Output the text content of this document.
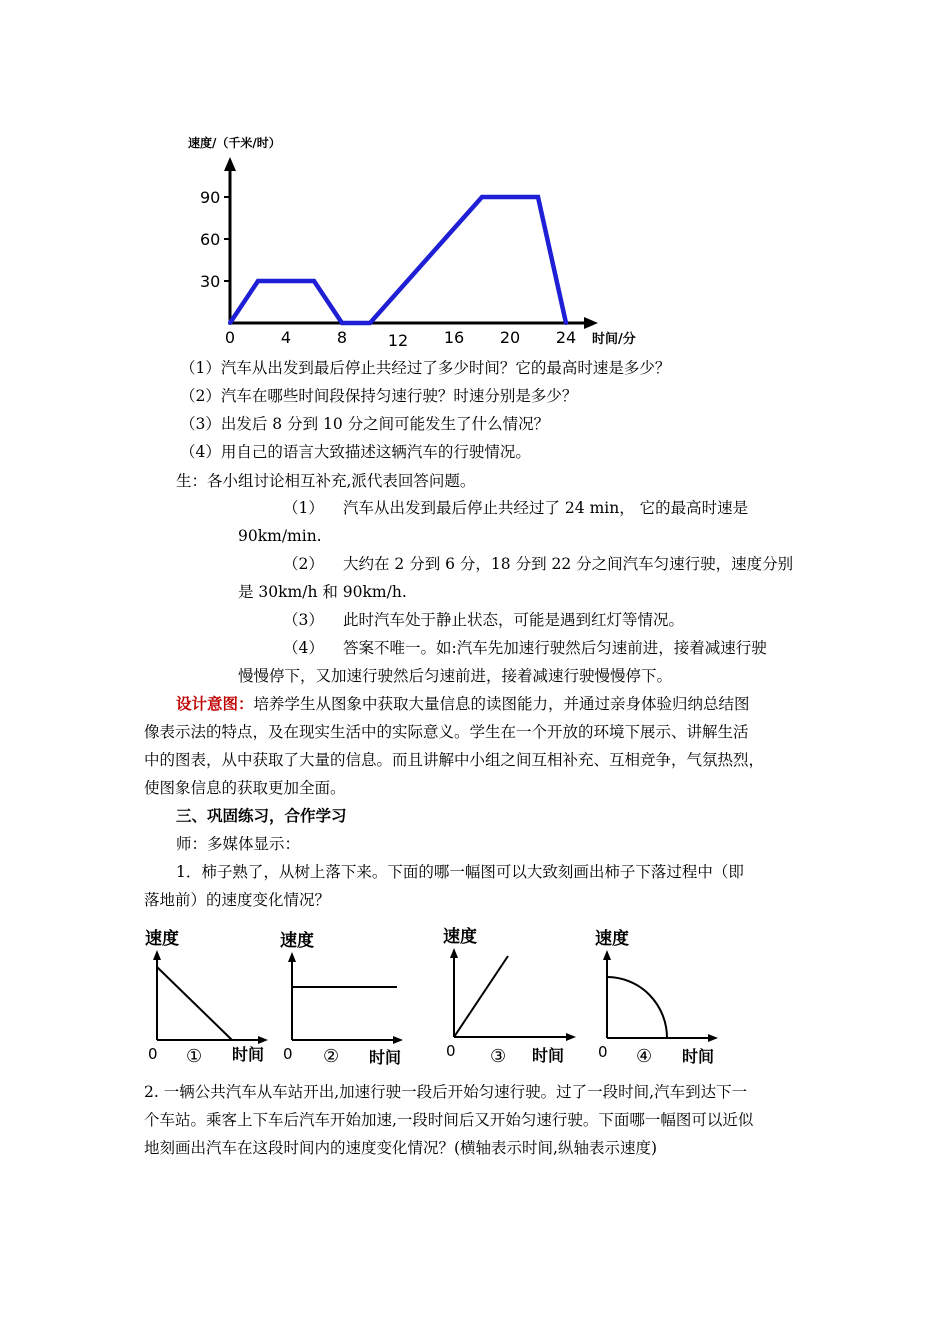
速度/（千米/时）
90
60
30
0	4	8	12 16 20 24 时间/分
（1）汽车从出发到最后停止共经过了多少时间？它的最高时速是多少？
（2）汽车在哪些时间段保持匀速行驶？时速分别是多少？
（3）出发后 8 分到 10 分之间可能发生了什么情况？
（4）用自己的语言大致描述这辆汽车的行驶情况。
生：各小组讨论相互补充,派代表回答问题。
（1） 汽车从出发到最后停止共经过了 24 min， 它的最高时速是
90km/min.
（2） 大约在 2 分到 6 分，18 分到 22 分之间汽车匀速行驶，速度分别
是 30km/h 和 90km/h.
（3） 此时汽车处于静止状态，可能是遇到红灯等情况。
（4） 答案不唯一。如:汽车先加速行驶然后匀速前进，接着减速行驶
慢慢停下，又加速行驶然后匀速前进，接着减速行驶慢慢停下。
设计意图：培养学生从图象中获取大量信息的读图能力，并通过亲身体验归纳总结图
像表示法的特点，及在现实生活中的实际意义。学生在一个开放的环境下展示、讲解生活
中的图表，从中获取了大量的信息。而且讲解中小组之间互相补充、互相竞争，气氛热烈，
使图象信息的获取更加全面。
三、巩固练习，合作学习
师：多媒体显示：
1．柿子熟了，从树上落下来。下面的哪一幅图可以大致刻画出柿子下落过程中（即
落地前）的速度变化情况？
速度
0 ① 时间
速度
0 ② 时间
速度
0 ③ 时间
速度
0 ④ 时间
2. 一辆公共汽车从车站开出,加速行驶一段后开始匀速行驶。过了一段时间,汽车到达下一
个车站。乘客上下车后汽车开始加速,一段时间后又开始匀速行驶。下面哪一幅图可以近似
地刻画出汽车在这段时间内的速度变化情况？(横轴表示时间,纵轴表示速度)
